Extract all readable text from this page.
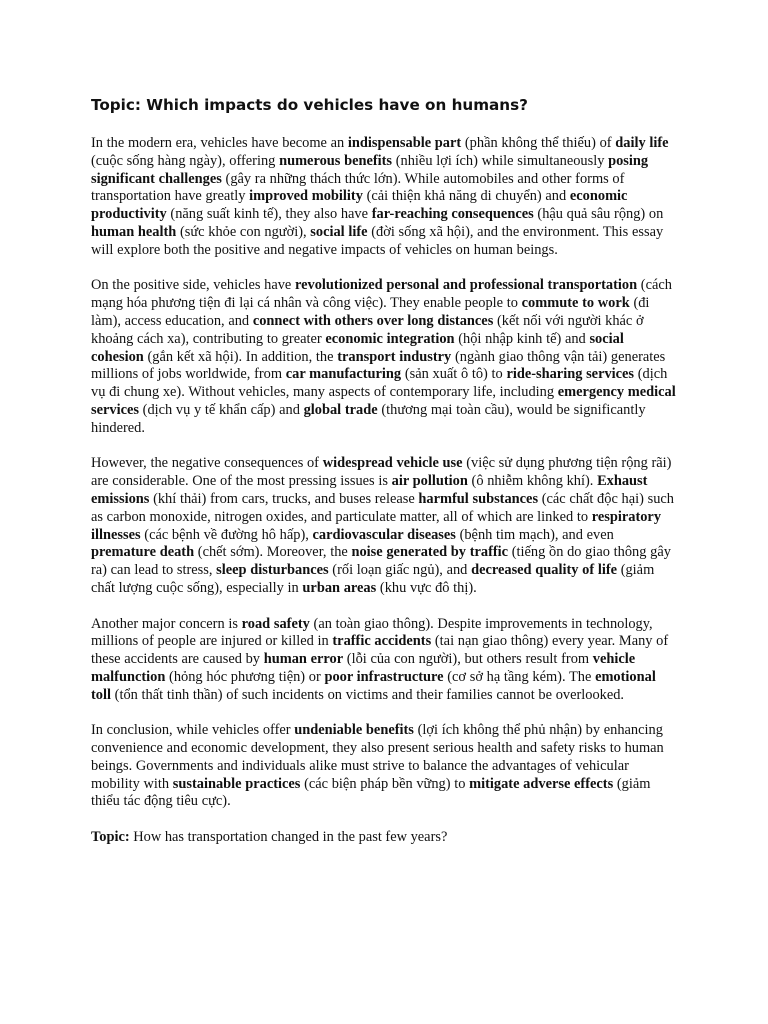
Topic: Which impacts do vehicles have on humans?

In the modern era, vehicles have become an indispensable part (phần không thể thiếu) of daily life (cuộc sống hàng ngày), offering numerous benefits (nhiều lợi ích) while simultaneously posing significant challenges (gây ra những thách thức lớn). While automobiles and other forms of transportation have greatly improved mobility (cải thiện khả năng di chuyển) and economic productivity (năng suất kinh tế), they also have far-reaching consequences (hậu quả sâu rộng) on human health (sức khỏe con người), social life (đời sống xã hội), and the environment. This essay will explore both the positive and negative impacts of vehicles on human beings.

On the positive side, vehicles have revolutionized personal and professional transportation (cách mạng hóa phương tiện đi lại cá nhân và công việc). They enable people to commute to work (đi làm), access education, and connect with others over long distances (kết nối với người khác ở khoảng cách xa), contributing to greater economic integration (hội nhập kinh tế) and social cohesion (gắn kết xã hội). In addition, the transport industry (ngành giao thông vận tải) generates millions of jobs worldwide, from car manufacturing (sản xuất ô tô) to ride-sharing services (dịch vụ đi chung xe). Without vehicles, many aspects of contemporary life, including emergency medical services (dịch vụ y tế khẩn cấp) and global trade (thương mại toàn cầu), would be significantly hindered.

However, the negative consequences of widespread vehicle use (việc sử dụng phương tiện rộng rãi) are considerable. One of the most pressing issues is air pollution (ô nhiễm không khí). Exhaust emissions (khí thải) from cars, trucks, and buses release harmful substances (các chất độc hại) such as carbon monoxide, nitrogen oxides, and particulate matter, all of which are linked to respiratory illnesses (các bệnh về đường hô hấp), cardiovascular diseases (bệnh tim mạch), and even premature death (chết sớm). Moreover, the noise generated by traffic (tiếng ồn do giao thông gây ra) can lead to stress, sleep disturbances (rối loạn giấc ngủ), and decreased quality of life (giảm chất lượng cuộc sống), especially in urban areas (khu vực đô thị).

Another major concern is road safety (an toàn giao thông). Despite improvements in technology, millions of people are injured or killed in traffic accidents (tai nạn giao thông) every year. Many of these accidents are caused by human error (lỗi của con người), but others result from vehicle malfunction (hỏng hóc phương tiện) or poor infrastructure (cơ sở hạ tầng kém). The emotional toll (tổn thất tinh thần) of such incidents on victims and their families cannot be overlooked.

In conclusion, while vehicles offer undeniable benefits (lợi ích không thể phủ nhận) by enhancing convenience and economic development, they also present serious health and safety risks to human beings. Governments and individuals alike must strive to balance the advantages of vehicular mobility with sustainable practices (các biện pháp bền vững) to mitigate adverse effects (giảm thiểu tác động tiêu cực).

Topic: How has transportation changed in the past few years?
